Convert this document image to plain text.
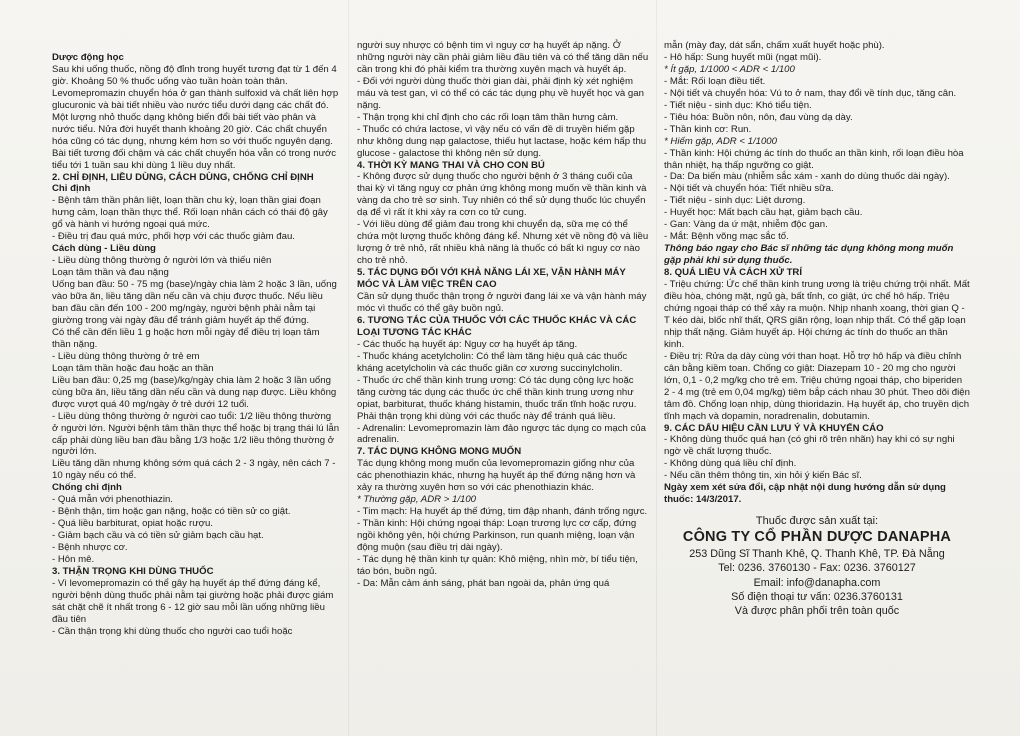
Dược động học

Sau khi uống thuốc, nồng độ đỉnh trong huyết tương đạt từ 1 đến 4 giờ. Khoảng 50 % thuốc uống vào tuần hoàn toàn thân. Levomepromazin chuyển hóa ở gan thành sulfoxid và chất liên hợp glucuronic và bài tiết nhiều vào nước tiểu dưới dạng các chất đó. Một lượng nhỏ thuốc dạng không biến đổi bài tiết vào phân và nước tiểu. Nửa đời huyết thanh khoảng 20 giờ. Các chất chuyển hóa cũng có tác dụng, nhưng kém hơn so với thuốc nguyên dạng. Bài tiết tương đối chậm và các chất chuyển hóa vẫn có trong nước tiểu tới 1 tuần sau khi dùng 1 liều duy nhất.

2. CHỈ ĐỊNH, LIỀU DÙNG, CÁCH DÙNG, CHỐNG CHỈ ĐỊNH

Chỉ định

- Bệnh tâm thần phân liệt, loạn thần chu kỳ, loạn thần giai đoạn hưng cảm, loạn thần thực thể. Rối loạn nhân cách có thái độ gây gổ và hành vi hướng ngoại quá mức.

- Điều trị đau quá mức, phối hợp với các thuốc giảm đau.

Cách dùng - Liều dùng

- Liều dùng thông thường ở người lớn và thiếu niên

Loạn tâm thần và đau nặng

Uống ban đầu: 50 - 75 mg (base)/ngày chia làm 2 hoặc 3 lần, uống vào bữa ăn, liều tăng dần nếu cần và chịu được thuốc. Nếu liều ban đầu cần đến 100 - 200 mg/ngày, người bệnh phải nằm tại giường trong vài ngày đầu để tránh giảm huyết áp thế đứng.

Có thể cần đến liều 1 g hoặc hơn mỗi ngày để điều trị loạn tâm thần nặng.

- Liều dùng thông thường ở trẻ em

Loạn tâm thần hoặc đau hoặc an thần

Liều ban đầu: 0,25 mg (base)/kg/ngày chia làm 2 hoặc 3 lần uống cùng bữa ăn, liều tăng dần nếu cần và dung nạp được. Liều không được vượt quá 40 mg/ngày ở trẻ dưới 12 tuổi.

- Liều dùng thông thường ở người cao tuổi: 1/2 liều thông thường ở người lớn. Người bệnh tâm thần thực thể hoặc bị trạng thái lú lẫn cấp phải dùng liều ban đầu bằng 1/3 hoặc 1/2 liều thông thường ở người lớn.

Liều tăng dần nhưng không sớm quá cách 2 - 3 ngày, nên cách 7 - 10 ngày nếu có thể.

Chống chỉ định

- Quá mẫn với phenothiazin.

- Bệnh thận, tim hoặc gan nặng, hoặc có tiền sử co giật.

- Quá liều barbiturat, opiat hoặc rượu.

- Giảm bạch cầu và có tiền sử giảm bạch cầu hạt.

- Bệnh nhược cơ.

- Hôn mê.

3. THẬN TRỌNG KHI DÙNG THUỐC

- Vì levomepromazin có thể gây hạ huyết áp thế đứng đáng kể, người bệnh dùng thuốc phải nằm tại giường hoặc phải được giám sát chặt chẽ ít nhất trong 6 - 12 giờ sau mỗi lần uống những liều đầu tiên

- Cần thận trọng khi dùng thuốc cho người cao tuổi hoặc

người suy nhược có bệnh tim vì nguy cơ hạ huyết áp nặng. Ở những người này cần phải giảm liều đầu tiên và có thể tăng dần nếu cần trong khi đó phải kiểm tra thường xuyên mạch và huyết áp.

- Đối với người dùng thuốc thời gian dài, phải định kỳ xét nghiệm máu và test gan, vì có thể có các tác dụng phụ về huyết học và gan nặng.

- Thận trọng khi chỉ định cho các rối loạn tâm thần hưng cảm.

- Thuốc có chứa lactose, vì vậy nếu có vấn đề di truyền hiếm gặp như không dung nạp galactose, thiếu hụt lactase, hoặc kém hấp thu glucose - galactose thì không nên sử dụng.

4. THỜI KỲ MANG THAI VÀ CHO CON BÚ

- Không được sử dụng thuốc cho người bệnh ở 3 tháng cuối của thai kỳ vì tăng nguy cơ phản ứng không mong muốn về thần kinh và vàng da cho trẻ sơ sinh. Tuy nhiên có thể sử dụng thuốc lúc chuyển dạ để vì rất ít khi xảy ra cơn co tử cung.

- Với liều dùng để giảm đau trong khi chuyển dạ, sữa mẹ có thể chứa một lượng thuốc không đáng kể. Nhưng xét về nồng độ và liều lượng ở trẻ nhỏ, rất nhiều khả năng là thuốc có bất kì nguy cơ nào cho trẻ nhỏ.

5. TÁC DỤNG ĐỐI VỚI KHẢ NĂNG LÁI XE, VẬN HÀNH MÁY MÓC VÀ LÀM VIỆC TRÊN CAO

Cần sử dụng thuốc thận trọng ở người đang lái xe và vận hành máy móc vì thuốc có thể gây buồn ngủ.

6. TƯƠNG TÁC CỦA THUỐC VỚI CÁC THUỐC KHÁC VÀ CÁC LOẠI TƯƠNG TÁC KHÁC

- Các thuốc hạ huyết áp: Nguy cơ hạ huyết áp tăng.

- Thuốc kháng acetylcholin: Có thể làm tăng hiệu quả các thuốc kháng acetylcholin và các thuốc giãn cơ xương succinylcholin.

- Thuốc ức chế thần kinh trung ương: Có tác dụng cộng lực hoặc tăng cường tác dụng các thuốc ức chế thần kinh trung ương như opiat, barbiturat, thuốc kháng histamin, thuốc trấn tĩnh hoặc rượu.

Phải thận trọng khi dùng với các thuốc này để tránh quá liều.

- Adrenalin: Levomepromazin làm đảo ngược tác dụng co mạch của adrenalin.

7. TÁC DỤNG KHÔNG MONG MUỐN

Tác dụng không mong muốn của levomepromazin giống như của các phenothiazin khác, nhưng hạ huyết áp thế đứng nặng hơn và xảy ra thường xuyên hơn so với các phenothiazin khác.

* Thường gặp, ADR > 1/100

- Tim mạch: Hạ huyết áp thế đứng, tim đập nhanh, đánh trống ngực.

- Thần kinh: Hội chứng ngoại tháp: Loạn trương lực cơ cấp, đứng ngồi không yên, hội chứng Parkinson, run quanh miệng, loạn vận động muộn (sau điều trị dài ngày).

- Tác dụng hệ thần kinh tự quản: Khô miệng, nhìn mờ, bí tiểu tiện, táo bón, buồn ngủ.

- Da: Mẫn cảm ánh sáng, phát ban ngoài da, phản ứng quá

mẫn (mày đay, dát sẩn, chấm xuất huyết hoặc phù).

- Hô hấp: Sung huyết mũi (ngạt mũi).

* Ít gặp, 1/1000 < ADR < 1/100

- Mắt: Rối loạn điều tiết.

- Nội tiết và chuyển hóa: Vú to ở nam, thay đổi về tính dục, tăng cân.

- Tiết niệu - sinh dục: Khó tiểu tiện.

- Tiêu hóa: Buồn nôn, nôn, đau vùng dạ dày.

- Thần kinh cơ: Run.

* Hiếm gặp, ADR < 1/1000

- Thần kinh: Hội chứng ác tính do thuốc an thần kinh, rối loạn điều hòa thân nhiệt, hạ thấp ngưỡng co giật.

- Da: Da biến màu (nhiễm sắc xám - xanh do dùng thuốc dài ngày).

- Nội tiết và chuyển hóa: Tiết nhiều sữa.

- Tiết niệu - sinh dục: Liệt dương.

- Huyết học: Mất bạch cầu hạt, giảm bạch cầu.

- Gan: Vàng da ứ mật, nhiễm độc gan.

- Mắt: Bệnh võng mạc sắc tố.

Thông báo ngay cho Bác sĩ những tác dụng không mong muốn gặp phải khi sử dụng thuốc.

8. QUÁ LIỀU VÀ CÁCH XỬ TRÍ

- Triệu chứng: Ức chế thần kinh trung ương là triệu chứng trội nhất. Mất điều hòa, chóng mặt, ngủ gà, bất tỉnh, co giật, ức chế hô hấp. Triệu chứng ngoại tháp có thể xảy ra muộn. Nhịp nhanh xoang, thời gian Q - T kéo dài, blốc nhĩ thất, QRS giãn rộng, loạn nhịp thất. Có thể gặp loạn nhịp thất nặng. Giảm huyết áp. Hội chứng ác tính do thuốc an thần kinh.

- Điều trị: Rửa dạ dày cùng với than hoạt. Hỗ trợ hô hấp và điều chỉnh cân bằng kiềm toan. Chống co giật: Diazepam 10 - 20 mg cho người lớn, 0,1 - 0,2 mg/kg cho trẻ em. Triệu chứng ngoại tháp, cho biperiden 2 - 4 mg (trẻ em 0,04 mg/kg) tiêm bắp cách nhau 30 phút. Theo dõi điện tâm đồ. Chống loạn nhịp, dùng thioridazin. Hạ huyết áp, cho truyền dịch tĩnh mạch và dopamin, noradrenalin, dobutamin.

9. CÁC DẤU HIỆU CẦN LƯU Ý VÀ KHUYẾN CÁO

- Không dùng thuốc quá hạn (có ghi rõ trên nhãn) hay khi có sự nghi ngờ về chất lượng thuốc.

- Không dùng quá liều chỉ định.

- Nếu cần thêm thông tin, xin hỏi ý kiến Bác sĩ.

Ngày xem xét sửa đổi, cập nhật nội dung hướng dẫn sử dụng thuốc: 14/3/2017.

Thuốc được sản xuất tại:
CÔNG TY CỔ PHẦN DƯỢC DANAPHA
253 Dũng Sĩ Thanh Khê, Q. Thanh Khê, TP. Đà Nẵng
Tel: 0236. 3760130 - Fax: 0236. 3760127
Email: info@danapha.com
Số điện thoại tư vấn: 0236.3760131
Và được phân phối trên toàn quốc
